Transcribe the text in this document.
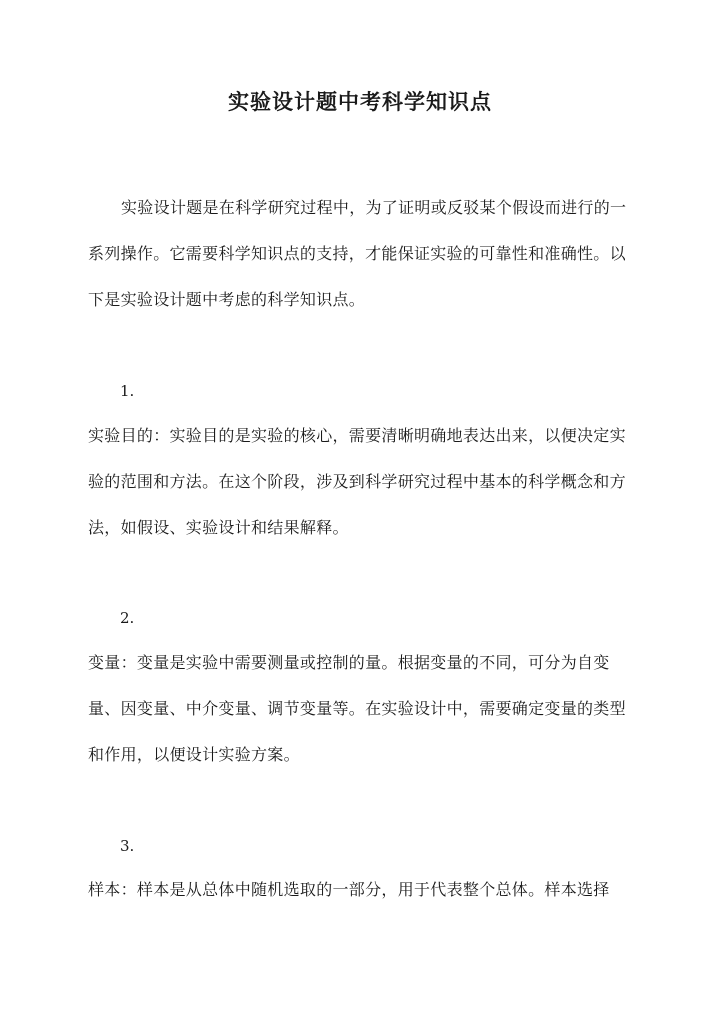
实验设计题中考科学知识点
实验设计题是在科学研究过程中，为了证明或反驳某个假设而进行的一系列操作。它需要科学知识点的支持，才能保证实验的可靠性和准确性。以下是实验设计题中考虑的科学知识点。
1.
实验目的：实验目的是实验的核心，需要清晰明确地表达出来，以便决定实验的范围和方法。在这个阶段，涉及到科学研究过程中基本的科学概念和方法，如假设、实验设计和结果解释。
2.
变量：变量是实验中需要测量或控制的量。根据变量的不同，可分为自变量、因变量、中介变量、调节变量等。在实验设计中，需要确定变量的类型和作用，以便设计实验方案。
3.
样本：样本是从总体中随机选取的一部分，用于代表整个总体。样本选择
